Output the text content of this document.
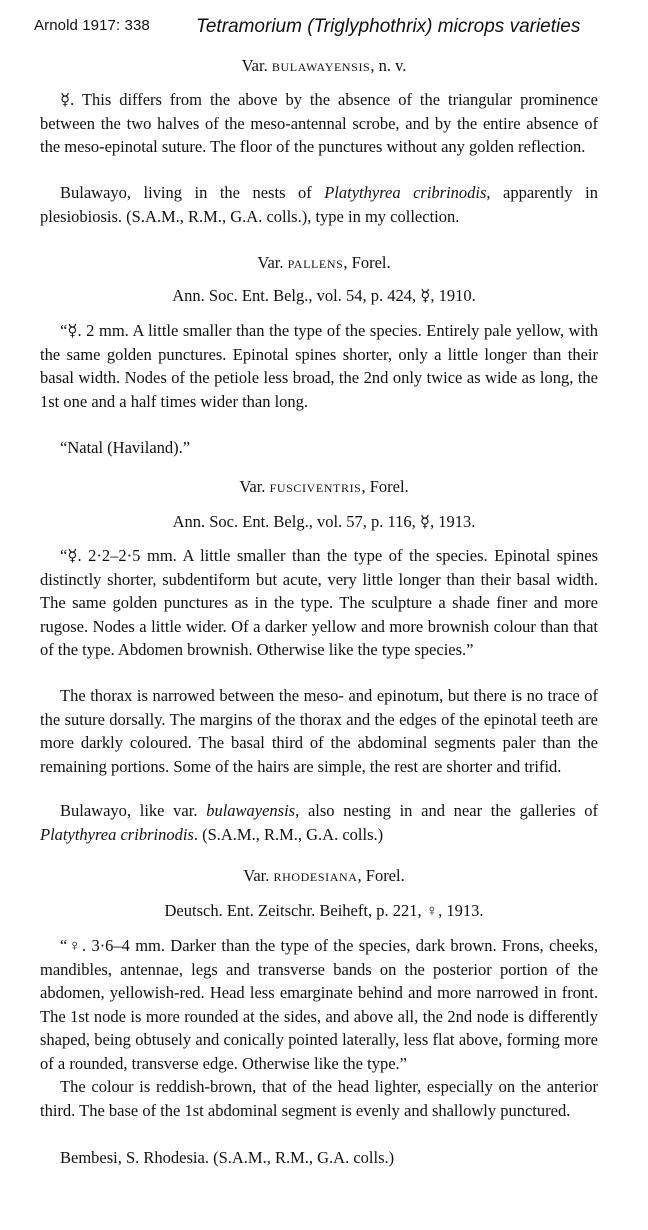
Arnold 1917: 338 Tetramorium (Triglyphothrix) microps varieties
Var. bulawayensis, n. v.

☿. This differs from the above by the absence of the triangular prominence between the two halves of the meso-antennal scrobe, and by the entire absence of the meso-epinotal suture. The floor of the punctures without any golden reflection.

Bulawayo, living in the nests of Platythyrea cribrinodis, apparently in plesiobiosis. (S.A.M., R.M., G.A. colls.), type in my collection.

Var. pallens, Forel.
Ann. Soc. Ent. Belg., vol. 54, p. 424, ☿, 1910.

“☿. 2 mm. A little smaller than the type of the species. Entirely pale yellow, with the same golden punctures. Epinotal spines shorter, only a little longer than their basal width. Nodes of the petiole less broad, the 2nd only twice as wide as long, the 1st one and a half times wider than long.

“Natal (Haviland).”

Var. fusciventris, Forel.
Ann. Soc. Ent. Belg., vol. 57, p. 116, ☿, 1913.

“☿. 2·2–2·5 mm. A little smaller than the type of the species. Epinotal spines distinctly shorter, subdentiform but acute, very little longer than their basal width. The same golden punctures as in the type. The sculpture a shade finer and more rugose. Nodes a little wider. Of a darker yellow and more brownish colour than that of the type. Abdomen brownish. Otherwise like the type species.”

The thorax is narrowed between the meso- and epinotum, but there is no trace of the suture dorsally. The margins of the thorax and the edges of the epinotal teeth are more darkly coloured. The basal third of the abdominal segments paler than the remaining portions. Some of the hairs are simple, the rest are shorter and trifid.

Bulawayo, like var. bulawayensis, also nesting in and near the galleries of Platythyrea cribrinodis. (S.A.M., R.M., G.A. colls.)

Var. rhodesiana, Forel.
Deutsch. Ent. Zeitschr. Beiheft, p. 221, ♀, 1913.

“♀. 3·6–4 mm. Darker than the type of the species, dark brown. Frons, cheeks, mandibles, antennae, legs and transverse bands on the posterior portion of the abdomen, yellowish-red. Head less emarginate behind and more narrowed in front. The 1st node is more rounded at the sides, and above all, the 2nd node is differently shaped, being obtusely and conically pointed laterally, less flat above, forming more of a rounded, transverse edge. Otherwise like the type.”

The colour is reddish-brown, that of the head lighter, especially on the anterior third. The base of the 1st abdominal segment is evenly and shallowly punctured.

Bembesi, S. Rhodesia. (S.A.M., R.M., G.A. colls.)
